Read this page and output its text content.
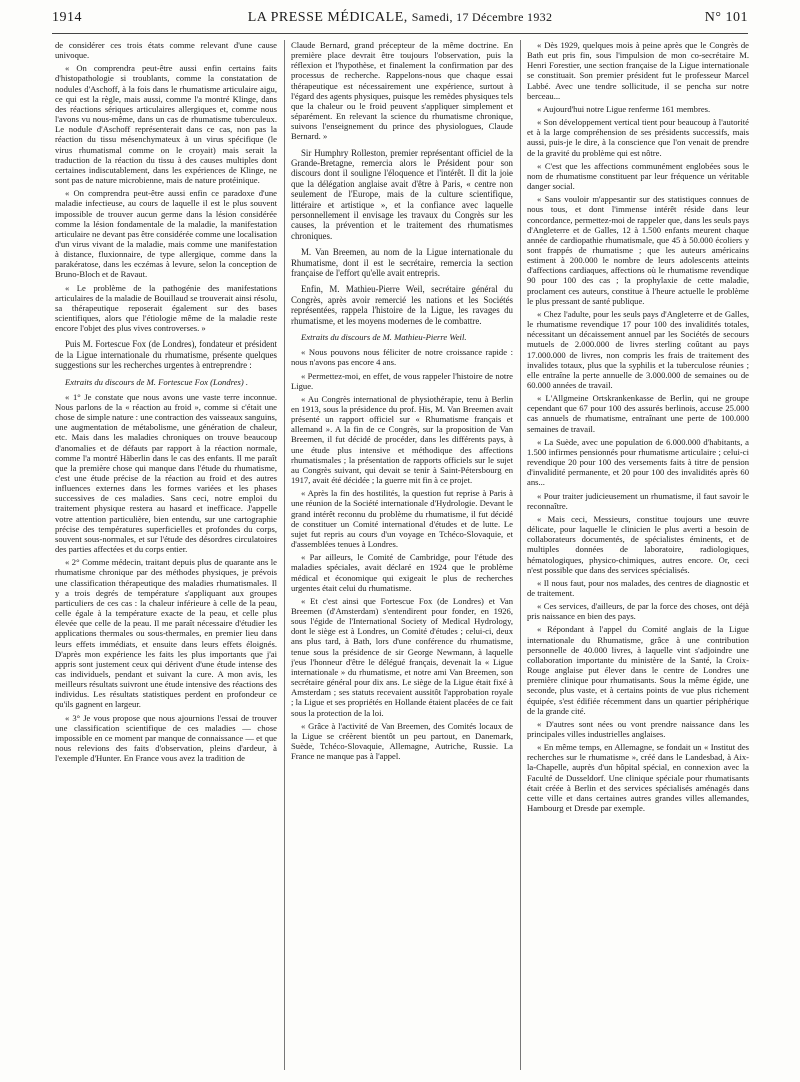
1914	LA PRESSE MÉDICALE, Samedi, 17 Décembre 1932	N° 101

de considérer ces trois états comme relevant d'une cause univoque.

« On comprendra peut-être aussi enfin certains faits d'histopathologie si troublants, comme la constatation de nodules d'Aschoff, à la fois dans le rhumatisme articulaire aigu, ce qui est la règle, mais aussi, comme l'a montré Klinge, dans des réactions sériques articulaires allergiques et, comme nous l'avons vu nous-même, dans un cas de rhumatisme tuberculeux. Le nodule d'Aschoff représenterait dans ce cas, non pas la réaction du tissu mésenchymateux à un virus spécifique (le virus rhumatismal comme on le croyait) mais serait la traduction de la réaction du tissu à des causes multiples dont certaines indiscutablement, dans les expériences de Klinge, ne sont pas de nature microbienne, mais de nature protéinique.

« On comprendra peut-être aussi enfin ce paradoxe d'une maladie infectieuse, au cours de laquelle il est le plus souvent impossible de trouver aucun germe dans la lésion considérée comme la lésion fondamentale de la maladie, la manifestation articulaire ne devant pas être considérée comme une localisation d'un virus vivant de la maladie, mais comme une manifestation à distance, fluxionnaire, de type allergique, comme dans la parakératose, dans les eczémas à levure, selon la conception de Bruno-Bloch et de Ravaut.

« Le problème de la pathogénie des manifestations articulaires de la maladie de Bouillaud se trouverait ainsi résolu, sa thérapeutique reposerait également sur des bases scientifiques, alors que l'étiologie même de la maladie reste encore l'objet des plus vives controverses. »

Puis M. Fortescue Fox (de Londres), fondateur et président de la Ligue internationale du rhumatisme, présente quelques suggestions sur les recherches urgentes à entreprendre :

Extraits du discours de M. Fortescue Fox (Londres) .

« 1° Je constate que nous avons une vaste terre inconnue. Nous parlons de la « réaction au froid », comme si c'était une chose de simple nature : une contraction des vaisseaux sanguins, une augmentation de métabolisme, une génération de chaleur, etc. Mais dans les maladies chroniques on trouve beaucoup d'anomalies et de défauts par rapport à la réaction normale, comme l'a montré Häberlin dans le cas des enfants. Il me paraît que la première chose qui manque dans l'étude du rhumatisme, c'est une étude précise de la réaction au froid et des autres influences externes dans les formes variées et les phases successives de ces maladies. Sans ceci, notre emploi du traitement physique restera au hasard et inefficace. J'appelle votre attention particulière, bien entendu, sur une cartographie précise des températures superficielles et profondes du corps, souvent sous-normales, et sur l'étude des désordres circulatoires des parties affectées et du corps entier.

« 2° Comme médecin, traitant depuis plus de quarante ans le rhumatisme chronique par des méthodes physiques, je prévois une classification thérapeutique des maladies rhumatismales. Il y a trois degrés de température s'appliquant aux groupes particuliers de ces cas : la chaleur inférieure à celle de la peau, celle égale à la température exacte de la peau, et celle plus élevée que celle de la peau. Il me paraît nécessaire d'étudier les applications thermales ou sous-thermales, en premier lieu dans leurs effets immédiats, et ensuite dans leurs effets éloignés. D'après mon expérience les faits les plus importants que j'ai appris sont justement ceux qui dérivent d'une étude intense des cas individuels, pendant et suivant la cure. A mon avis, les meilleurs résultats suivront une étude intensive des réactions des individus. Les résultats statistiques perdent en profondeur ce qu'ils gagnent en largeur.

« 3° Je vous propose que nous ajournions l'essai de trouver une classification scientifique de ces maladies — chose impossible en ce moment par manque de connaissance — et que nous relevions des faits d'observation, pleins d'ardeur, à l'exemple d'Hunter. En France vous avez la tradition de

Claude Bernard, grand précepteur de la même doctrine. En première place devrait être toujours l'observation, puis la réflexion et l'hypothèse, et finalement la confirmation par des processus de recherche. Rappelons-nous que chaque essai thérapeutique est nécessairement une expérience, surtout à l'égard des agents physiques, puisque les remèdes physiques tels que la chaleur ou le froid peuvent s'appliquer simplement et séparément. En relevant la science du rhumatisme chronique, suivons l'enseignement du prince des physiologues, Claude Bernard. »

Sir Humphry Rolleston, premier représentant officiel de la Grande-Bretagne, remercia alors le Président pour son discours dont il souligne l'éloquence et l'intérêt. Il dit la joie que la délégation anglaise avait d'être à Paris, « centre non seulement de l'Europe, mais de la culture scientifique, littéraire et artistique », et la confiance avec laquelle personnellement il envisage les travaux du Congrès sur les causes, la prévention et le traitement des rhumatismes chroniques.

M. Van Breemen, au nom de la Ligue internationale du Rhumatisme, dont il est le secrétaire, remercia la section française de l'effort qu'elle avait entrepris.

Enfin, M. Mathieu-Pierre Weil, secrétaire général du Congrès, après avoir remercié les nations et les Sociétés représentées, rappela l'histoire de la Ligue, les ravages du rhumatisme, et les moyens modernes de le combattre.

Extraits du discours de M. Mathieu-Pierre Weil.

« Nous pouvons nous féliciter de notre croissance rapide : nous n'avons pas encore 4 ans.

« Permettez-moi, en effet, de vous rappeler l'histoire de notre Ligue.

« Au Congrès international de physiothérapie, tenu à Berlin en 1913, sous la présidence du prof. His, M. Van Breemen avait présenté un rapport officiel sur « Rhumatisme français et allemand ». A la fin de ce Congrès, sur la proposition de Van Breemen, il fut décidé de procéder, dans les différents pays, à une étude plus intensive et méthodique des affections rhumatismales ; la présentation de rapports officiels sur le sujet au Congrès suivant, qui devait se tenir à Saint-Pétersbourg en 1917, avait été décidée ; la guerre mit fin à ce projet.

« Après la fin des hostilités, la question fut reprise à Paris à une réunion de la Société internationale d'Hydrologie. Devant le grand intérêt reconnu du problème du rhumatisme, il fut décidé de constituer un Comité international d'études et de lutte. Le sujet fut repris au cours d'un voyage en Tchéco-Slovaquie, et d'assemblées tenues à Londres.

« Par ailleurs, le Comité de Cambridge, pour l'étude des maladies spéciales, avait déclaré en 1924 que le problème médical et économique qui exigeait le plus de recherches urgentes était celui du rhumatisme.

« Et c'est ainsi que Fortescue Fox (de Londres) et Van Breemen (d'Amsterdam) s'entendirent pour fonder, en 1926, sous l'égide de l'International Society of Medical Hydrology, dont le siège est à Londres, un Comité d'études ; celui-ci, deux ans plus tard, à Bath, lors d'une conférence du rhumatisme, tenue sous la présidence de sir George Newmann, à laquelle j'eus l'honneur d'être le délégué français, devenait la « Ligue internationale » du rhumatisme, et notre ami Van Breemen, son secrétaire général pour dix ans. Le siège de la Ligue était fixé à Amsterdam ; ses statuts recevaient aussitôt l'approbation royale ; la Ligue et ses propriétés en Hollande étaient placées de ce fait sous la protection de la loi.

« Grâce à l'activité de Van Breemen, des Comités locaux de la Ligue se créèrent bientôt un peu partout, en Danemark, Suède, Tchéco-Slovaquie, Allemagne, Autriche, Russie. La France ne manque pas à l'appel.

« Dès 1929, quelques mois à peine après que le Congrès de Bath eut pris fin, sous l'impulsion de mon co-secrétaire M. Henri Forestier, une section française de la Ligue internationale se constituait. Son premier président fut le professeur Marcel Labbé. Avec une tendre sollicitude, il se pencha sur notre berceau...

« Aujourd'hui notre Ligue renferme 161 membres.

« Son développement vertical tient pour beaucoup à l'autorité et à la large compréhension de ses présidents successifs, mais aussi, puis-je le dire, à la conscience que l'on venait de prendre de la gravité du problème qui est nôtre.

« C'est que les affections communément englobées sous le nom de rhumatisme constituent par leur fréquence un véritable danger social.

« Sans vouloir m'appesantir sur des statistiques connues de nous tous, et dont l'immense intérêt réside dans leur concordance, permettez-moi de rappeler que, dans les seuls pays d'Angleterre et de Galles, 12 à 1.500 enfants meurent chaque année de cardiopathie rhumatismale, que 45 à 50.000 écoliers y sont frappés de rhumatisme ; que les auteurs américains estiment à 200.000 le nombre de leurs adolescents atteints d'affections cardiaques, affections où le rhumatisme revendique 90 pour 100 des cas ; la prophylaxie de cette maladie, proclament ces auteurs, constitue à l'heure actuelle le problème le plus pressant de santé publique.

« Chez l'adulte, pour les seuls pays d'Angleterre et de Galles, le rhumatisme revendique 17 pour 100 des invalidités totales, nécessitant un décaissement annuel par les Sociétés de secours mutuels de 2.000.000 de livres sterling coûtant au pays 17.000.000 de livres, non compris les frais de traitement des invalides totaux, plus que la syphilis et la tuberculose réunies ; elle entraîne la perte annuelle de 3.000.000 de semaines ou de 60.000 années de travail.

« L'Allgmeine Ortskrankenkasse de Berlin, qui ne groupe cependant que 67 pour 100 des assurés berlinois, accuse 25.000 cas annuels de rhumatisme, entraînant une perte de 100.000 semaines de travail.

« La Suède, avec une population de 6.000.000 d'habitants, a 1.500 infirmes pensionnés pour rhumatisme articulaire ; celui-ci revendique 20 pour 100 des versements faits à titre de pension d'invalidité permanente, et 20 pour 100 des invalidités après 60 ans...

« Pour traiter judicieusement un rhumatisme, il faut savoir le reconnaître.

« Mais ceci, Messieurs, constitue toujours une œuvre délicate, pour laquelle le clinicien le plus averti a besoin de collaborateurs documentés, de spécialistes éminents, et de multiples données de laboratoire, radiologiques, hématologiques, physico-chimiques, autres encore. Or, ceci n'est possible que dans des services spécialisés.

« Il nous faut, pour nos malades, des centres de diagnostic et de traitement.

« Ces services, d'ailleurs, de par la force des choses, ont déjà pris naissance en bien des pays.

« Répondant à l'appel du Comité anglais de la Ligue internationale du Rhumatisme, grâce à une contribution personnelle de 40.000 livres, à laquelle vint s'adjoindre une collaboration importante du ministère de la Santé, la Croix-Rouge anglaise put élever dans le centre de Londres une première clinique pour rhumatisants. Sous la même égide, une seconde, plus vaste, et à certains points de vue plus richement équipée, s'est édifiée récemment dans un quartier périphérique de la grande cité.

« D'autres sont nées ou vont prendre naissance dans les principales villes industrielles anglaises.

« En même temps, en Allemagne, se fondait un « Institut des recherches sur le rhumatisme », créé dans le Landesbad, à Aix-la-Chapelle, auprès d'un hôpital spécial, en connexion avec la Faculté de Dusseldorf. Une clinique spéciale pour rhumatisants était créée à Berlin et des services spécialisés aménagés dans cette ville et dans certaines autres grandes villes allemandes, Hambourg et Dresde par exemple.
